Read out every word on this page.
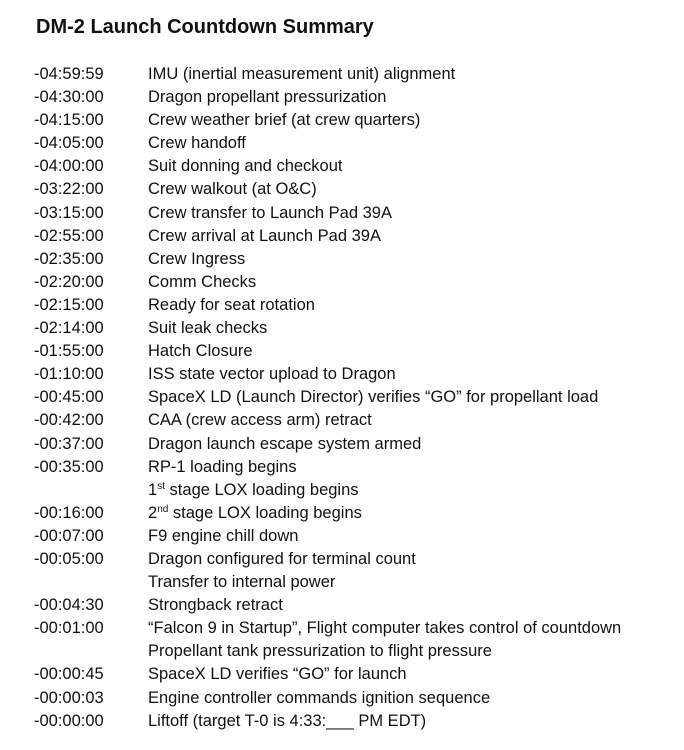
DM-2 Launch Countdown Summary
-04:59:59	IMU (inertial measurement unit) alignment
-04:30:00	Dragon propellant pressurization
-04:15:00	Crew weather brief (at crew quarters)
-04:05:00	Crew handoff
-04:00:00	Suit donning and checkout
-03:22:00	Crew walkout (at O&C)
-03:15:00	Crew transfer to Launch Pad 39A
-02:55:00	Crew arrival at Launch Pad 39A
-02:35:00	Crew Ingress
-02:20:00	Comm Checks
-02:15:00	Ready for seat rotation
-02:14:00	Suit leak checks
-01:55:00	Hatch Closure
-01:10:00	ISS state vector upload to Dragon
-00:45:00	SpaceX LD (Launch Director) verifies “GO” for propellant load
-00:42:00	CAA (crew access arm) retract
-00:37:00	Dragon launch escape system armed
-00:35:00	RP-1 loading begins
1st stage LOX loading begins
-00:16:00	2nd stage LOX loading begins
-00:07:00	F9 engine chill down
-00:05:00	Dragon configured for terminal count
Transfer to internal power
-00:04:30	Strongback retract
-00:01:00	“Falcon 9 in Startup”, Flight computer takes control of countdown
Propellant tank pressurization to flight pressure
-00:00:45	SpaceX LD verifies “GO” for launch
-00:00:03	Engine controller commands ignition sequence
-00:00:00	Liftoff (target T-0 is 4:33:___ PM EDT)
